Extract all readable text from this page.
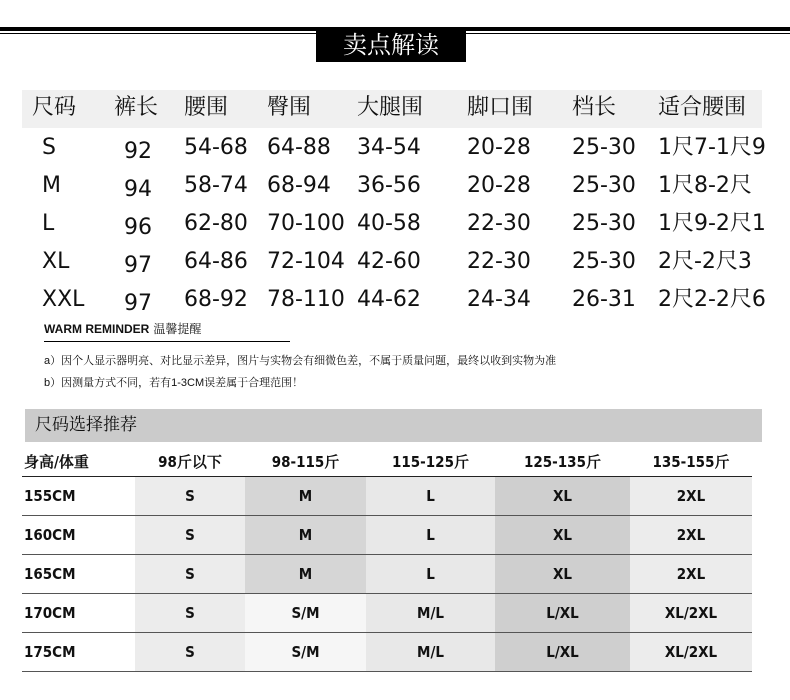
卖点解读
尺码 裤长 腰围 臀围 大腿围 脚口围 档长 适合腰围
S	92 54-68 64-88 34-54 20-28 25-30 1尺7-1尺9
M	94 58-74 68-94 36-56 20-28 25-30 1尺8-2尺
L	96 62-80 70-100 40-58 22-30 25-30 1尺9-2尺1
XL 97 64-86 72-104 42-60 22-30 25-30 2尺-2尺3
XXL 97 68-92 78-110 44-62 24-34 26-31 2尺2-2尺6
WARM REMINDER 温馨提醒
a）因个人显示器明亮、对比显示差异，图片与实物会有细微色差，不属于质量问题，最终以收到实物为准
b）因测量方式不同，若有1-3CM误差属于合理范围！
尺码选择推荐
身高/体重	98斤以下	98-115斤	115-125斤	125-135斤	135-155斤
155CM	S	M	L	XL	2XL
160CM	S	M	L	XL	2XL
165CM	S	M	L	XL	2XL
170CM	S	S/M	M/L	L/XL	XL/2XL
175CM	S	S/M	M/L	L/XL	XL/2XL
